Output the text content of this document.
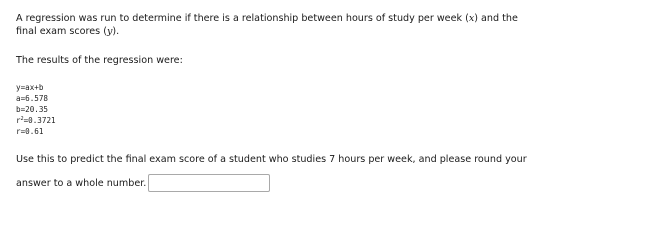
A regression was run to determine if there is a relationship between hours of study per week (x) and the
final exam scores (y).

The results of the regression were:

y=ax+b
a=6.578
b=20.35
$r^2=0.3721$
r=0.61

Use this to predict the final exam score of a student who studies 7 hours per week, and please round your

answer to a whole number.
